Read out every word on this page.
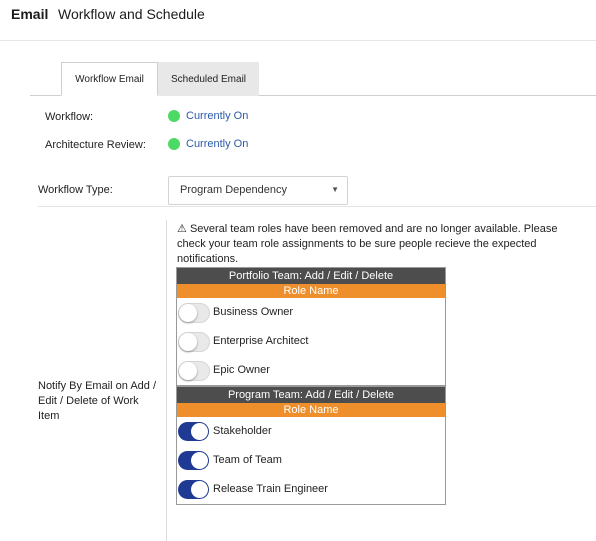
Email Workflow and Schedule
Workflow Email	Scheduled Email
Workflow:	Currently On
Architecture Review:	Currently On
Workflow Type:	Program Dependency	▼
Notify By Email on Add / Edit / Delete of Work Item
⚠ Several team roles have been removed and are no longer available. Please check your team role assignments to be sure people recieve the expected notifications.
Portfolio Team: Add / Edit / Delete
Role Name
Business Owner
Enterprise Architect
Epic Owner
Program Team: Add / Edit / Delete
Role Name
Stakeholder
Team of Team
Release Train Engineer
